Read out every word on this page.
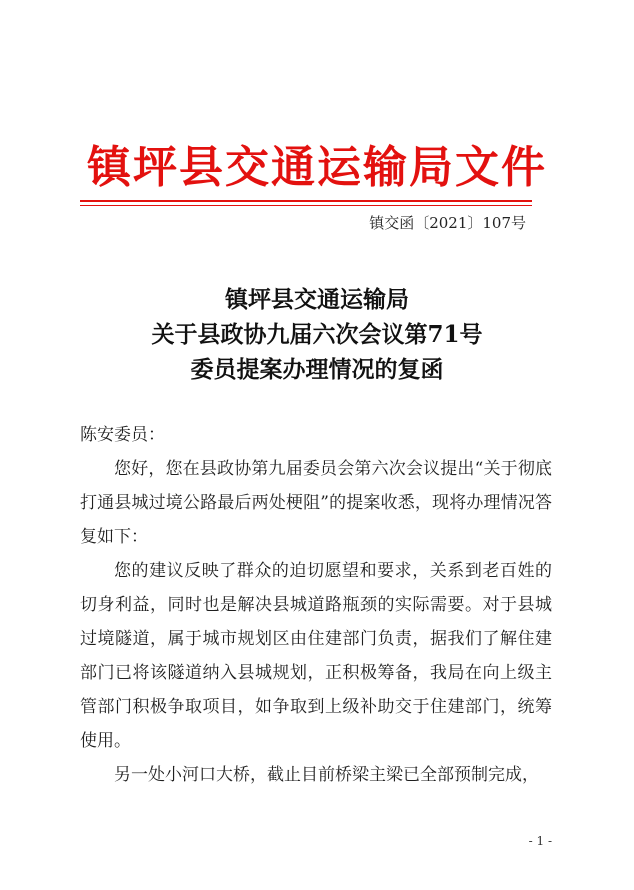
镇坪县交通运输局文件
镇交函〔2021〕107号
镇坪县交通运输局
关于县政协九届六次会议第71号
委员提案办理情况的复函

陈安委员：

您好，您在县政协第九届委员会第六次会议提出“关于彻底打通县城过境公路最后两处梗阻”的提案收悉，现将办理情况答复如下：

您的建议反映了群众的迫切愿望和要求，关系到老百姓的切身利益，同时也是解决县城道路瓶颈的实际需要。对于县城过境隧道，属于城市规划区由住建部门负责，据我们了解住建部门已将该隧道纳入县城规划，正积极筹备，我局在向上级主管部门积极争取项目，如争取到上级补助交于住建部门，统筹使用。

另一处小河口大桥，截止目前桥梁主梁已全部预制完成，

- 1 -
